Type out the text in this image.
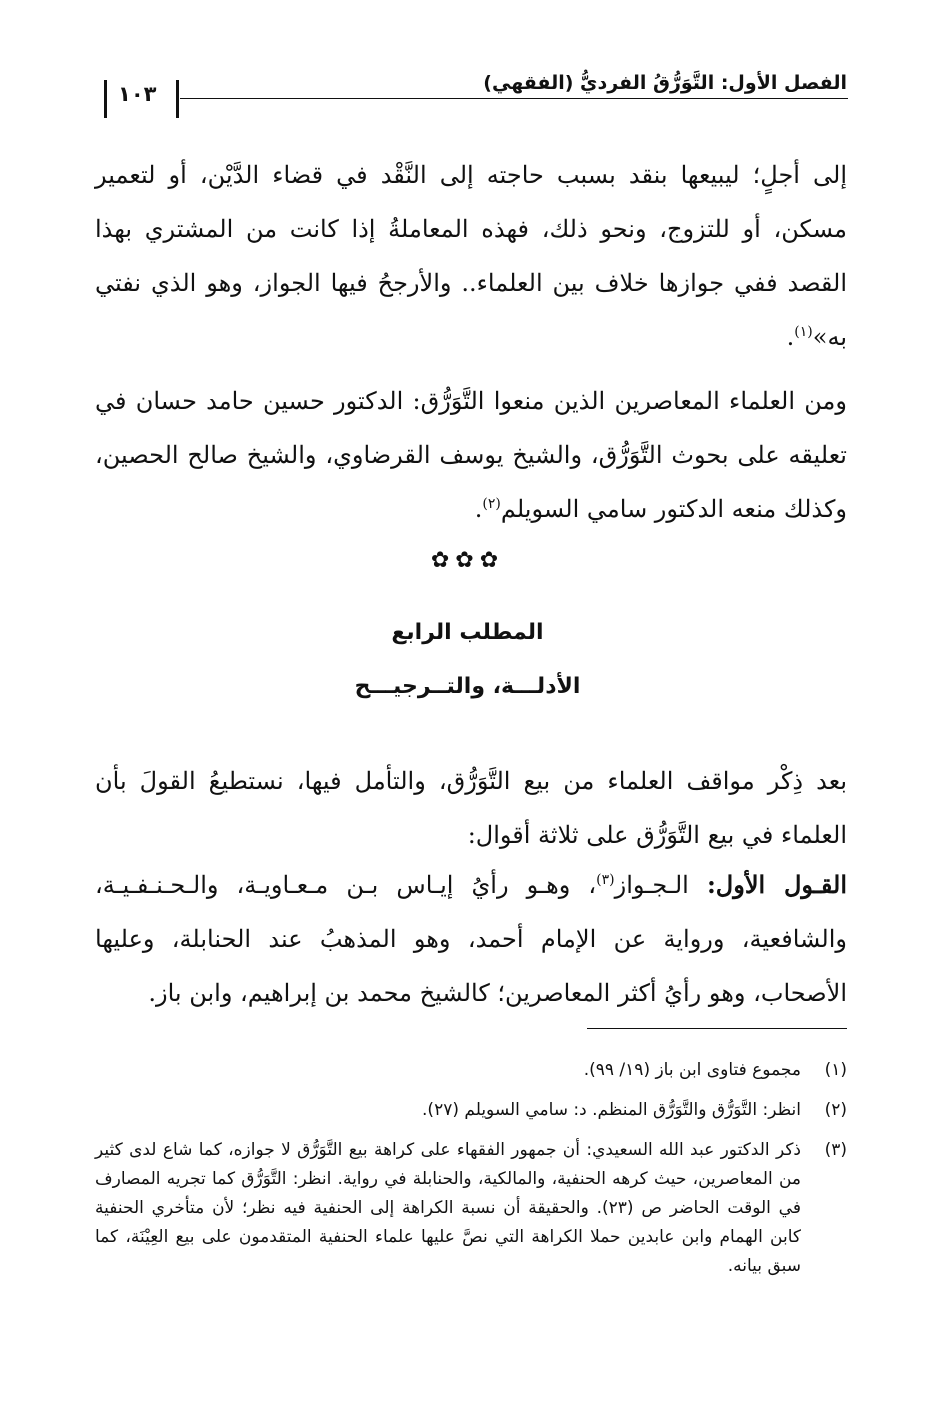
الفصل الأول: التَّوَرُّقُ الفرديُّ (الفقهي)
١٠٣
إلى أجلٍ؛ ليبيعها بنقد بسبب حاجته إلى النَّقْد في قضاء الدَّيْن، أو لتعمير مسكن، أو للتزوج، ونحو ذلك، فهذه المعاملةُ إذا كانت من المشتري بهذا القصد ففي جوازها خلاف بين العلماء.. والأرجحُ فيها الجواز، وهو الذي نفتي به»$^{(١)}$.
ومن العلماء المعاصرين الذين منعوا التَّوَرُّق: الدكتور حسين حامد حسان في تعليقه على بحوث التَّوَرُّق، والشيخ يوسف القرضاوي، والشيخ صالح الحصين، وكذلك منعه الدكتور سامي السويلم$^{(٢)}$.
✿✿✿
المطلب الرابع
الأدلـــة، والتــرجيـــح
بعد ذِكْر مواقف العلماء من بيع التَّوَرُّق، والتأمل فيها، نستطيعُ القولَ بأن العلماء في بيع التَّوَرُّق على ثلاثة أقوال:
القـول الأول: الـجـواز$^{(٣)}$، وهـو رأيُ إيـاس بـن مـعـاويـة، والـحـنـفـيـة، والشافعية، ورواية عن الإمام أحمد، وهو المذهبُ عند الحنابلة، وعليها الأصحاب، وهو رأيُ أكثر المعاصرين؛ كالشيخ محمد بن إبراهيم، وابن باز.
(١)
مجموع فتاوى ابن باز (١٩/ ٩٩).
(٢)
انظر: التَّوَرُّق والتَّوَرُّق المنظم. د: سامي السويلم (٢٧).
(٣)
ذكر الدكتور عبد الله السعيدي: أن جمهور الفقهاء على كراهة بيع التَّوَرُّق لا جوازه، كما شاع لدى كثير من المعاصرين، حيث كرهه الحنفية، والمالكية، والحنابلة في رواية. انظر: التَّوَرُّق كما تجريه المصارف في الوقت الحاضر ص (٢٣). والحقيقة أن نسبة الكراهة إلى الحنفية فيه نظر؛ لأن متأخري الحنفية كابن الهمام وابن عابدين حملا الكراهة التي نصَّ عليها علماء الحنفية المتقدمون على بيع العِيْنَة، كما سبق بيانه.
